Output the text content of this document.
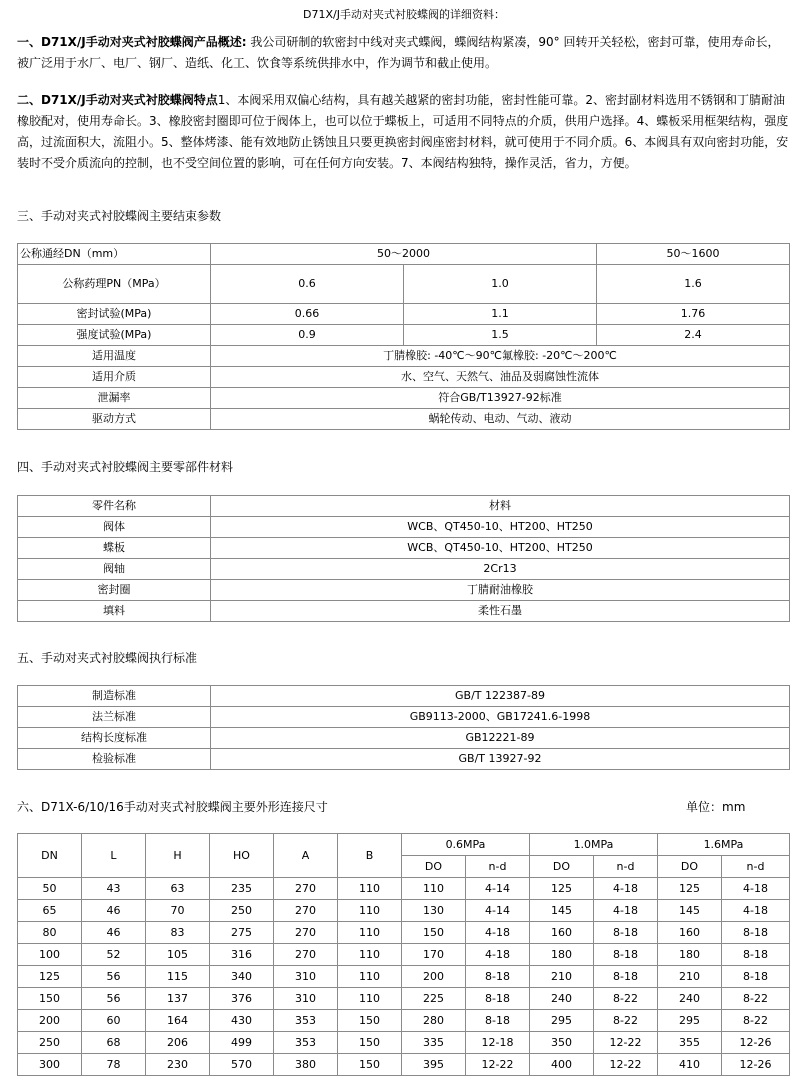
D71X/J手动对夹式衬胶蝶阀的详细资料：
一、D71X/J手动对夹式衬胶蝶阀产品概述: 我公司研制的软密封中线对夹式蝶阀，蝶阀结构紧凑，90° 回转开关轻松，密封可靠，使用寿命长，被广泛用于水厂、电厂、钢厂、造纸、化工、饮食等系统供排水中，作为调节和截止使用。
二、D71X/J手动对夹式衬胶蝶阀特点1、本阀采用双偏心结构，具有越关越紧的密封功能，密封性能可靠。2、密封副材料选用不锈钢和丁腈耐油橡胶配对，使用寿命长。3、橡胶密封圈即可位于阀体上，也可以位于蝶板上，可适用不同特点的介质，供用户选择。4、蝶板采用框架结构，强度高，过流面积大，流阻小。5、整体烤漆、能有效地防止锈蚀且只要更换密封阀座密封材料，就可使用于不同介质。6、本阀具有双向密封功能，安装时不受介质流向的控制，也不受空间位置的影响，可在任何方向安装。7、本阀结构独特，操作灵活，省力，方便。
三、手动对夹式衬胶蝶阀主要结束参数
公称通经DN（mm）	50～2000		50～1600
公称药理PN（MPa）	0.6	1.0	1.6
密封试验(MPa)	0.66	1.1	1.76
强度试验(MPa)	0.9	1.5	2.4
适用温度	丁腈橡胶: -40℃～90℃氟橡胶: -20℃～200℃		
适用介质	水、空气、天然气、油品及弱腐蚀性流体		
泄漏率	符合GB/T13927-92标准		
驱动方式	蜗轮传动、电动、气动、液动		
四、手动对夹式衬胶蝶阀主要零部件材料
零件名称	材料
阀体	WCB、QT450-10、HT200、HT250
蝶板	WCB、QT450-10、HT200、HT250
阀轴	2Cr13
密封圈	丁腈耐油橡胶
填料	柔性石墨
五、手动对夹式衬胶蝶阀执行标准
制造标准	GB/T 122387-89
法兰标准	GB9113-2000、GB17241.6-1998
结构长度标准	GB12221-89
检验标准	GB/T 13927-92
六、D71X-6/10/16手动对夹式衬胶蝶阀主要外形连接尺寸	单位：mm
DN	L	H	HO	A	B	0.6MPa		1.0MPa		1.6MPa	
						DO	n-d	DO	n-d	DO	n-d
50	43	63	235	270	110	110	4-14	125	4-18	125	4-18
65	46	70	250	270	110	130	4-14	145	4-18	145	4-18
80	46	83	275	270	110	150	4-18	160	8-18	160	8-18
100	52	105	316	270	110	170	4-18	180	8-18	180	8-18
125	56	115	340	310	110	200	8-18	210	8-18	210	8-18
150	56	137	376	310	110	225	8-18	240	8-22	240	8-22
200	60	164	430	353	150	280	8-18	295	8-22	295	8-22
250	68	206	499	353	150	335	12-18	350	12-22	355	12-26
300	78	230	570	380	150	395	12-22	400	12-22	410	12-26
